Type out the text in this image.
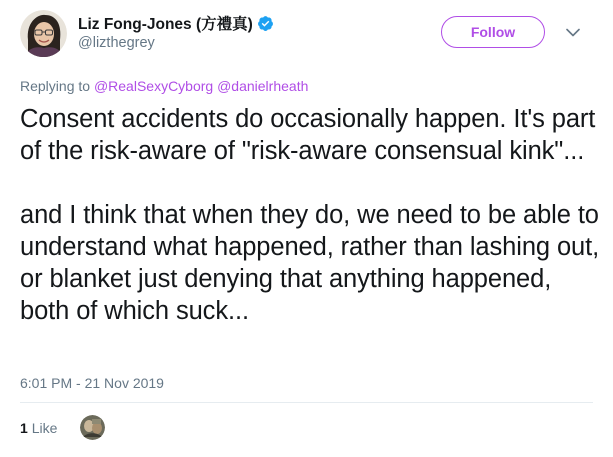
Liz Fong-Jones (方禮真)
@lizthegrey
Follow
Replying to @RealSexyCyborg @danielrheath

Consent accidents do occasionally happen. It's part of the risk-aware of "risk-aware consensual kink"...

and I think that when they do, we need to be able to understand what happened, rather than lashing out, or blanket just denying that anything happened, both of which suck...

6:01 PM - 21 Nov 2019
1 Like
